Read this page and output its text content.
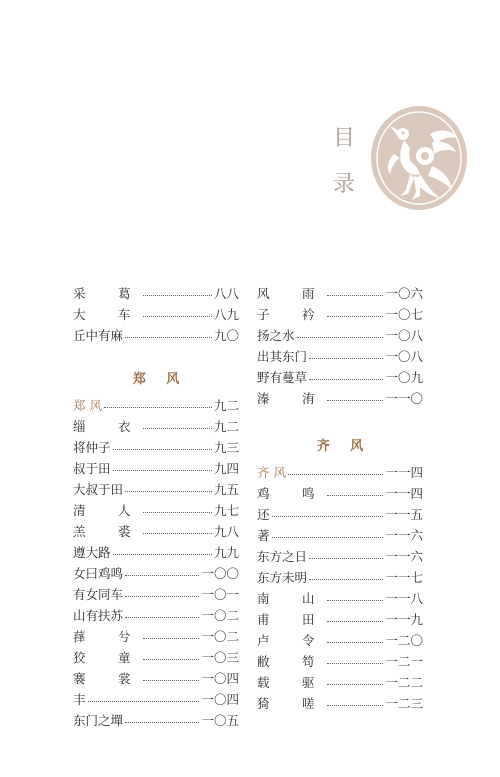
目
录
采　葛	八八
大　车	八九
丘中有麻	九〇
郑 风
郑 风	九二
缁　衣	九二
将仲子	九三
叔于田	九四
大叔于田	九五
清　人	九七
羔　裘	九八
遵大路	九九
女曰鸡鸣	一〇〇
有女同车	一〇一
山有扶苏	一〇二
萚　兮	一〇二
狡　童	一〇三
褰　裳	一〇四
丰	一〇四
东门之墠	一〇五
风　雨	一〇六
子　衿	一〇七
扬之水	一〇八
出其东门	一〇八
野有蔓草	一〇九
溱　洧	一一〇
齐 风
齐 风	一一四
鸡　鸣	一一四
还	一一五
著	一一六
东方之日	一一六
东方未明	一一七
南　山	一一八
甫　田	一一九
卢　令	一二〇
敝　笱	一二一
载　驱	一二二
猗　嗟	一二三
